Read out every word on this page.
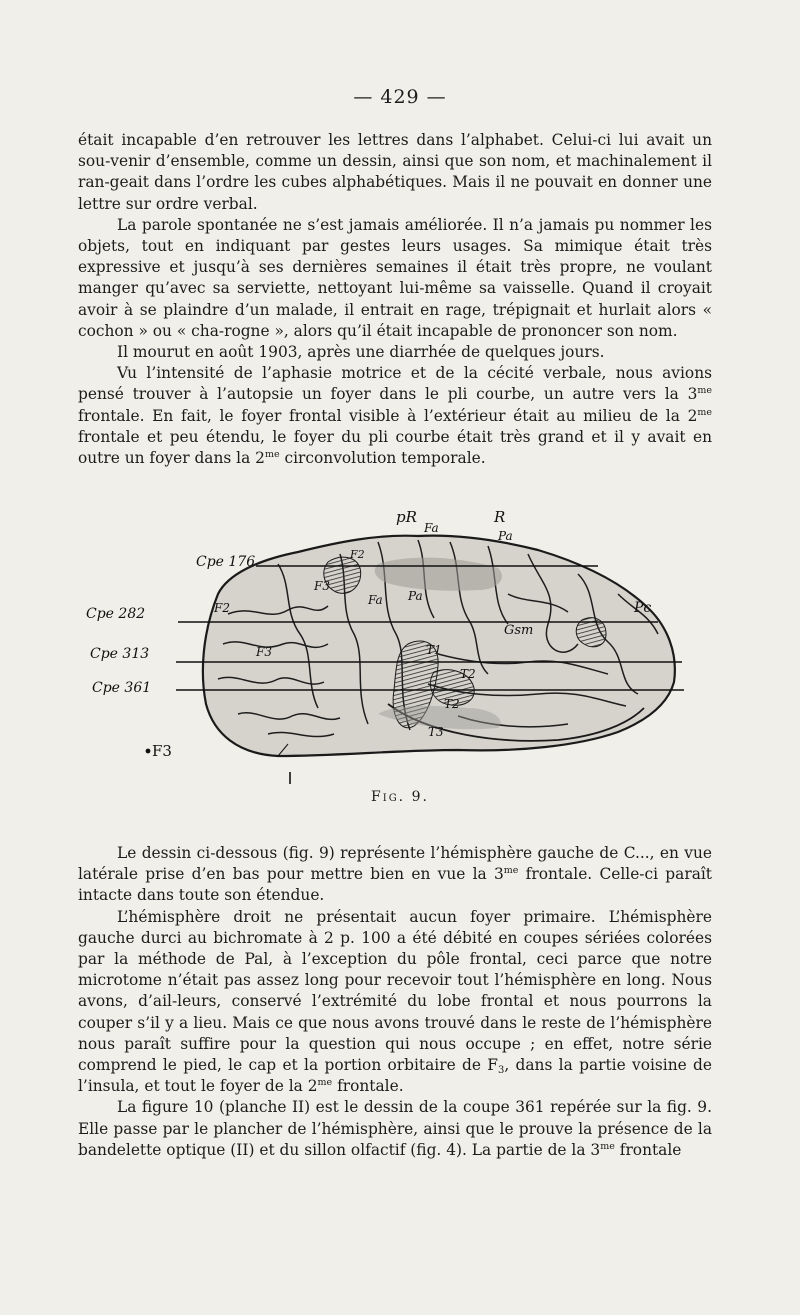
— 429 —

était incapable d’en retrouver les lettres dans l’alphabet. Celui-ci lui avait un sou-venir d’ensemble, comme un dessin, ainsi que son nom, et machinalement il ran-geait dans l’ordre les cubes alphabétiques. Mais il ne pouvait en donner une lettre sur ordre verbal.

La parole spontanée ne s’est jamais améliorée. Il n’a jamais pu nommer les objets, tout en indiquant par gestes leurs usages. Sa mimique était très expressive et jusqu’à ses dernières semaines il était très propre, ne voulant manger qu’avec sa serviette, nettoyant lui-même sa vaisselle. Quand il croyait avoir à se plaindre d’un malade, il entrait en rage, trépignait et hurlait alors « cochon » ou « cha-rogne », alors qu’il était incapable de prononcer son nom.

Il mourut en août 1903, après une diarrhée de quelques jours.

Vu l’intensité de l’aphasie motrice et de la cécité verbale, nous avions pensé trouver à l’autopsie un foyer dans le pli courbe, un autre vers la $3^{me}$ frontale. En fait, le foyer frontal visible à l’extérieur était au milieu de la $2^{me}$ frontale et peu étendu, le foyer du pli courbe était très grand et il y avait en outre un foyer dans la $2^{me}$ circonvolution temporale.

Cpe 176
Cpe 282
Cpe 313
Cpe 361
pR
Fa
R
Pa
F2
F3
Fa Pa
F2
F3
Gsm
T1
T2
T2
T3
Pc
F3
Fig. 9.

Le dessin ci-dessous (fig. 9) représente l’hémisphère gauche de C..., en vue latérale prise d’en bas pour mettre bien en vue la $3^{me}$ frontale. Celle-ci paraît intacte dans toute son étendue.

L’hémisphère droit ne présentait aucun foyer primaire. L’hémisphère gauche durci au bichromate à 2 p. 100 a été débité en coupes sériées colorées par la méthode de Pal, à l’exception du pôle frontal, ceci parce que notre microtome n’était pas assez long pour recevoir tout l’hémisphère en long. Nous avons, d’ail-leurs, conservé l’extrémité du lobe frontal et nous pourrons la couper s’il y a lieu. Mais ce que nous avons trouvé dans le reste de l’hémisphère nous paraît suffire pour la question qui nous occupe ; en effet, notre série comprend le pied, le cap et la portion orbitaire de $F_3$, dans la partie voisine de l’insula, et tout le foyer de la $2^{me}$ frontale.

La figure 10 (planche II) est le dessin de la coupe 361 repérée sur la fig. 9. Elle passe par le plancher de l’hémisphère, ainsi que le prouve la présence de la bandelette optique (II) et du sillon olfactif (fig. 4). La partie de la $3^{me}$ frontale
